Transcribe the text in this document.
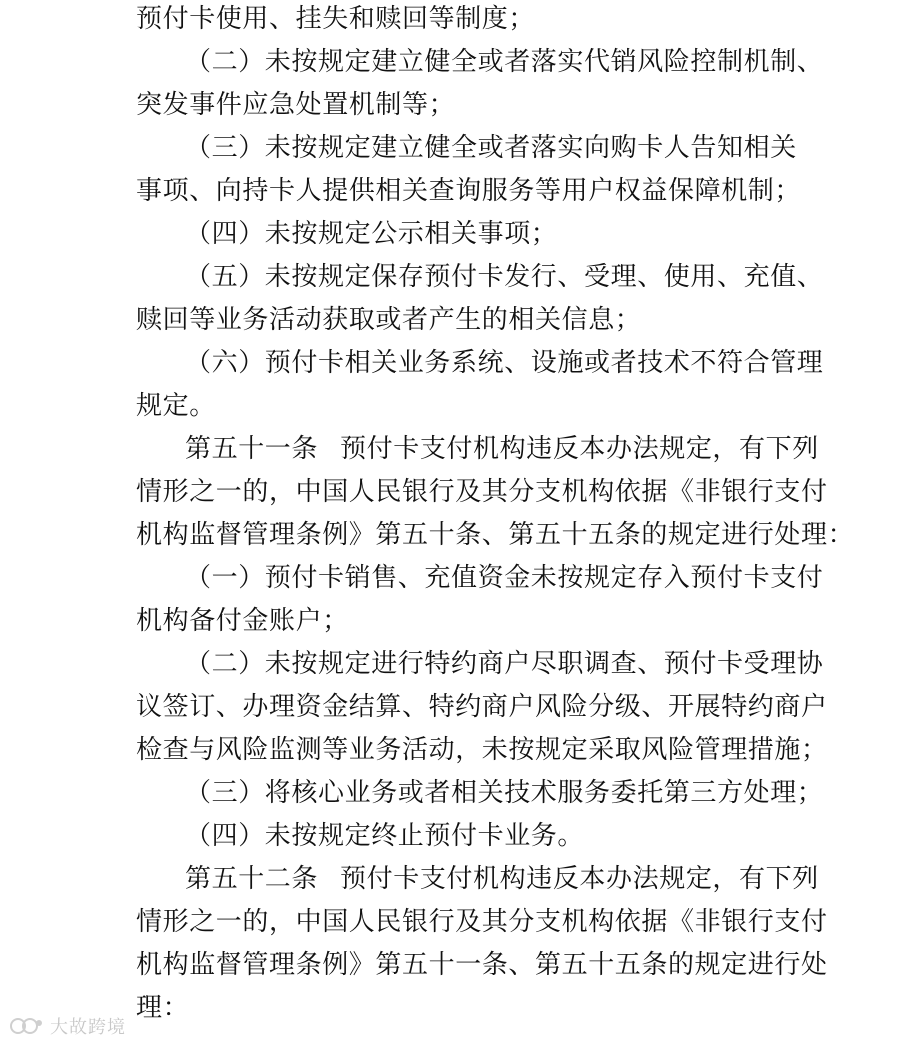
预付卡使用、挂失和赎回等制度；
（二）未按规定建立健全或者落实代销风险控制机制、
突发事件应急处置机制等；
（三）未按规定建立健全或者落实向购卡人告知相关
事项、向持卡人提供相关查询服务等用户权益保障机制；
（四）未按规定公示相关事项；
（五）未按规定保存预付卡发行、受理、使用、充值、
赎回等业务活动获取或者产生的相关信息；
（六）预付卡相关业务系统、设施或者技术不符合管理
规定。
第五十一条 预付卡支付机构违反本办法规定，有下列
情形之一的，中国人民银行及其分支机构依据《非银行支付
机构监督管理条例》第五十条、第五十五条的规定进行处理：
（一）预付卡销售、充值资金未按规定存入预付卡支付
机构备付金账户；
（二）未按规定进行特约商户尽职调查、预付卡受理协
议签订、办理资金结算、特约商户风险分级、开展特约商户
检查与风险监测等业务活动，未按规定采取风险管理措施；
（三）将核心业务或者相关技术服务委托第三方处理；
（四）未按规定终止预付卡业务。
第五十二条 预付卡支付机构违反本办法规定，有下列
情形之一的，中国人民银行及其分支机构依据《非银行支付
机构监督管理条例》第五十一条、第五十五条的规定进行处
理：
大故跨境
